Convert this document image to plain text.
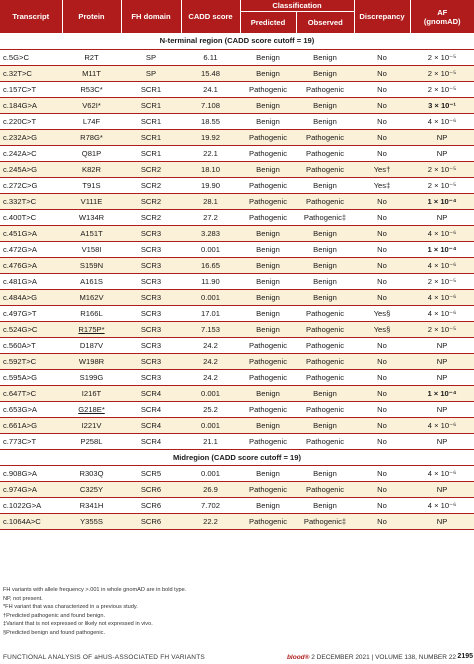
Transcript	Protein	FH domain	CADD score	Classification		Discrepancy	AF
(gnomAD)

				Predicted	Observed		
N-terminal region (CADD score cutoff = 19)							
c.5G>C	R2T	SP	6.11	Benign	Benign	No	2 × 10⁻⁵
c.32T>C	M11T	SP	15.48	Benign	Benign	No	2 × 10⁻⁵
c.157C>T	R53C*	SCR1	24.1	Pathogenic	Pathogenic	No	2 × 10⁻⁵
c.184G>A	V62I*	SCR1	7.108	Benign	Benign	No	3 × 10⁻¹
c.220C>T	L74F	SCR1	18.55	Benign	Benign	No	4 × 10⁻⁶
c.232A>G	R78G*	SCR1	19.92	Pathogenic	Pathogenic	No	NP
c.242A>C	Q81P	SCR1	22.1	Pathogenic	Pathogenic	No	NP
c.245A>G	K82R	SCR2	18.10	Benign	Pathogenic	Yes†	2 × 10⁻⁵
c.272C>G	T91S	SCR2	19.90	Pathogenic	Benign	Yes‡	2 × 10⁻⁵
c.332T>C	V111E	SCR2	28.1	Pathogenic	Pathogenic	No	1 × 10⁻⁴
c.400T>C	W134R	SCR2	27.2	Pathogenic	Pathogenic‡	No	NP
c.451G>A	A151T	SCR3	3.283	Benign	Benign	No	4 × 10⁻⁶
c.472G>A	V158I	SCR3	0.001	Benign	Benign	No	1 × 10⁻⁴
c.476G>A	S159N	SCR3	16.65	Benign	Benign	No	4 × 10⁻⁶
c.481G>A	A161S	SCR3	11.90	Benign	Benign	No	2 × 10⁻⁵
c.484A>G	M162V	SCR3	0.001	Benign	Benign	No	4 × 10⁻⁶
c.497G>T	R166L	SCR3	17.01	Benign	Pathogenic	Yes§	4 × 10⁻⁶
c.524G>C	R175P*	SCR3	7.153	Benign	Pathogenic	Yes§	2 × 10⁻⁵
c.560A>T	D187V	SCR3	24.2	Pathogenic	Pathogenic	No	NP
c.592T>C	W198R	SCR3	24.2	Pathogenic	Pathogenic	No	NP
c.595A>G	S199G	SCR3	24.2	Pathogenic	Pathogenic	No	NP
c.647T>C	I216T	SCR4	0.001	Benign	Benign	No	1 × 10⁻⁴
c.653G>A	G218E*	SCR4	25.2	Pathogenic	Pathogenic	No	NP
c.661A>G	I221V	SCR4	0.001	Benign	Benign	No	4 × 10⁻⁶
c.773C>T	P258L	SCR4	21.1	Pathogenic	Pathogenic	No	NP
Midregion (CADD score cutoff = 19)							
c.908G>A	R303Q	SCR5	0.001	Benign	Benign	No	4 × 10⁻⁶
c.974G>A	C325Y	SCR6	26.9	Pathogenic	Pathogenic	No	NP
c.1022G>A	R341H	SCR6	7.702	Benign	Benign	No	4 × 10⁻⁶
c.1064A>C	Y355S	SCR6	22.2	Pathogenic	Pathogenic‡	No	NP
FH variants with allele frequency >.001 in whole gnomAD are in bold type.
NP, not present.
*FH variant that was characterized in a previous study.
†Predicted pathogenic and found benign.
‡Variant that is not expressed or likely not expressed in vivo.
§Predicted benign and found pathogenic.
FUNCTIONAL ANALYSIS OF aHUS-ASSOCIATED FH VARIANTS	blood® 2 DECEMBER 2021 | VOLUME 138, NUMBER 22 2195
